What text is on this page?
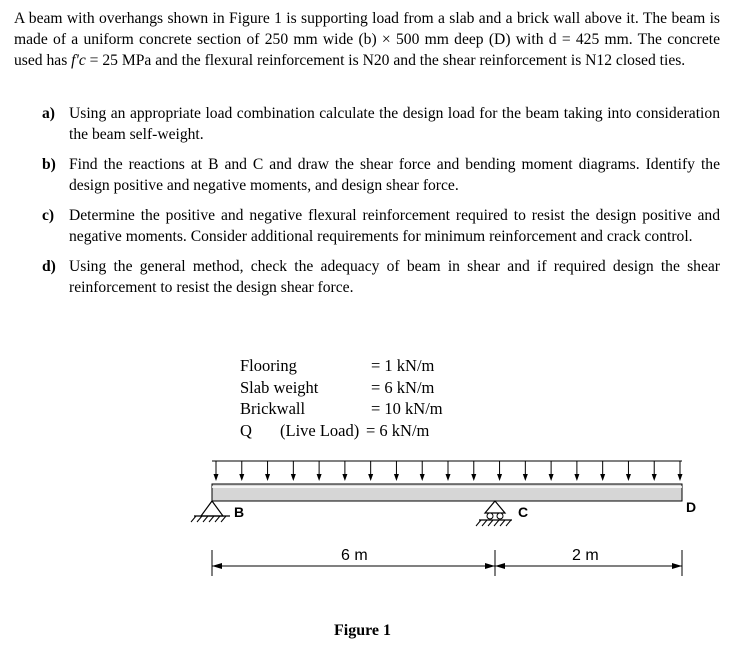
A beam with overhangs shown in Figure 1 is supporting load from a slab and a brick wall above it. The beam is made of a uniform concrete section of 250 mm wide (b) × 500 mm deep (D) with d = 425 mm. The concrete used has f'c = 25 MPa and the flexural reinforcement is N20 and the shear reinforcement is N12 closed ties.
a) Using an appropriate load combination calculate the design load for the beam taking into consideration the beam self-weight.
b) Find the reactions at B and C and draw the shear force and bending moment diagrams. Identify the design positive and negative moments, and design shear force.
c) Determine the positive and negative flexural reinforcement required to resist the design positive and negative moments. Consider additional requirements for minimum reinforcement and crack control.
d) Using the general method, check the adequacy of beam in shear and if required design the shear reinforcement to resist the design shear force.
Flooring	= 1 kN/m
Slab weight	= 6 kN/m
Brickwall	= 10 kN/m
Q (Live Load) = 6 kN/m
B	C	D
6 m	2 m
Figure 1
